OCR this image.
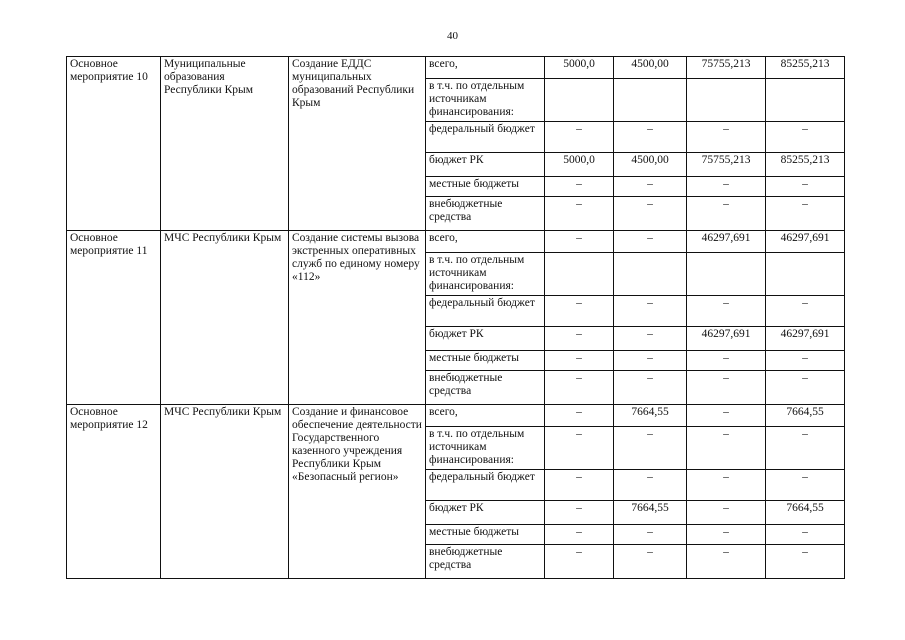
40
Основное мероприятие 10	Муниципальные образования Республики Крым	Создание ЕДДС муниципальных образований Республики Крым	всего,	5000,0	4500,00	75755,213	85255,213
			в т.ч. по отдельным источникам финансирования:				
			федеральный бюджет	–	–	–	–
			бюджет РК	5000,0	4500,00	75755,213	85255,213
			местные бюджеты	–	–	–	–
			внебюджетные средства	–	–	–	–
Основное мероприятие 11	МЧС Республики Крым	Создание системы вызова экстренных оперативных служб по единому номеру «112»	всего,	–	–	46297,691	46297,691
			в т.ч. по отдельным источникам финансирования:				
			федеральный бюджет	–	–	–	–
			бюджет РК	–	–	46297,691	46297,691
			местные бюджеты	–	–	–	–
			внебюджетные средства	–	–	–	–
Основное мероприятие 12	МЧС Республики Крым	Создание и финансовое обеспечение деятельности Государственного казенного учреждения Республики Крым «Безопасный регион»	всего,	–	7664,55	–	7664,55
			в т.ч. по отдельным источникам финансирования:	–	–	–	–
			федеральный бюджет	–	–	–	–
			бюджет РК	–	7664,55	–	7664,55
			местные бюджеты	–	–	–	–
			внебюджетные средства	–	–	–	–
